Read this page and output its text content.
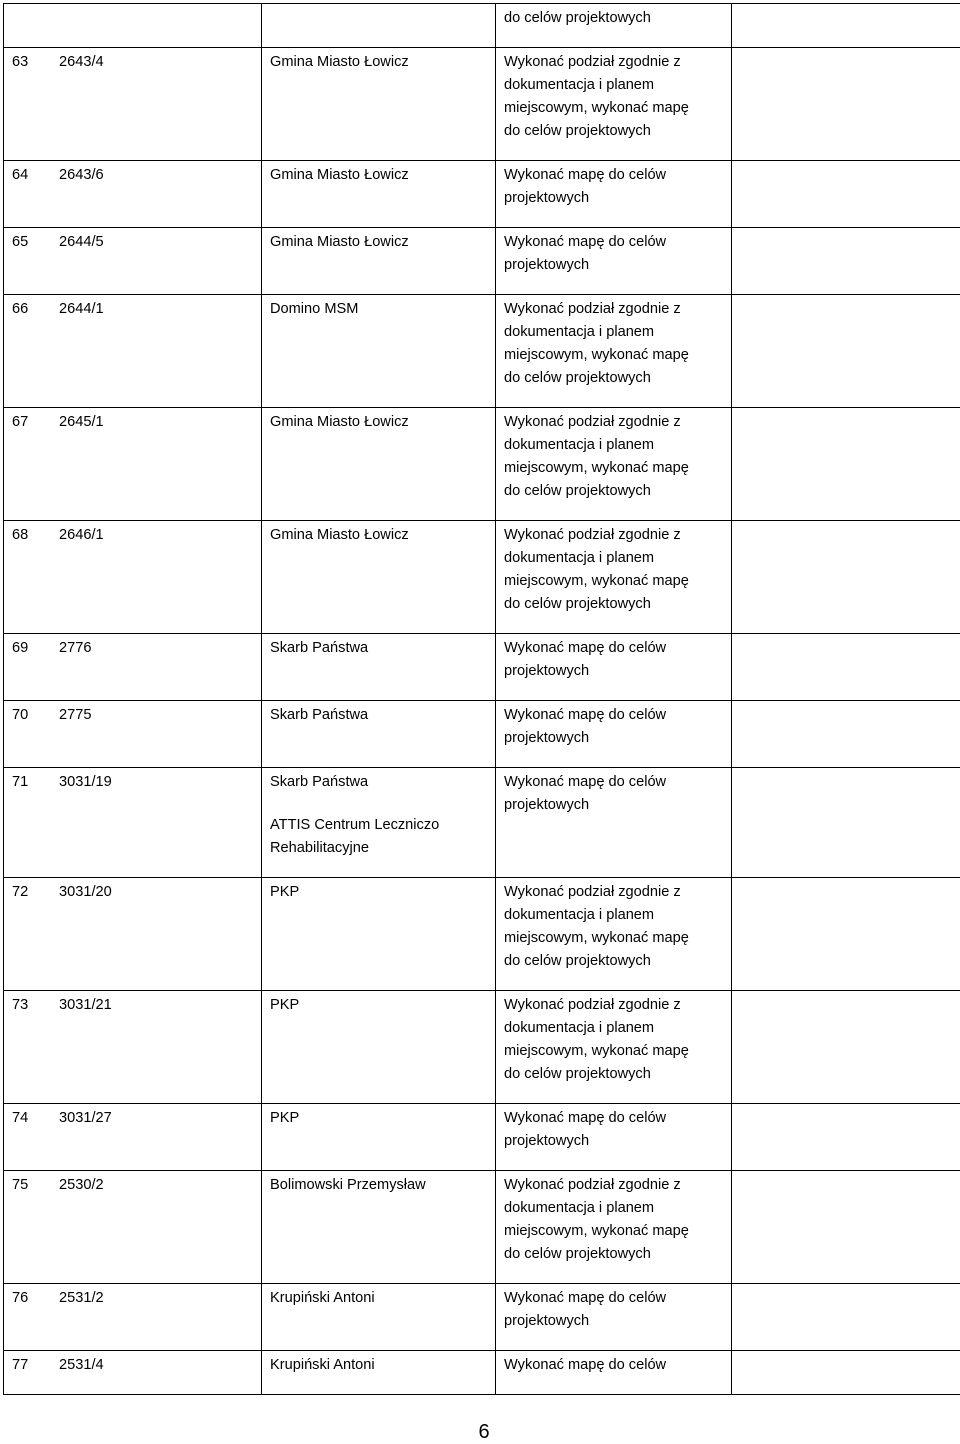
		do celów projektowych	
63 2643/4	Gmina Miasto Łowicz	Wykonać podział zgodnie z
dokumentacja i planem
miejscowym, wykonać mapę
do celów projektowych	
64 2643/6	Gmina Miasto Łowicz	Wykonać mapę do celów
projektowych	
65 2644/5	Gmina Miasto Łowicz	Wykonać mapę do celów
projektowych	
66 2644/1	Domino MSM	Wykonać podział zgodnie z
dokumentacja i planem
miejscowym, wykonać mapę
do celów projektowych	
67 2645/1	Gmina Miasto Łowicz	Wykonać podział zgodnie z
dokumentacja i planem
miejscowym, wykonać mapę
do celów projektowych	
68 2646/1	Gmina Miasto Łowicz	Wykonać podział zgodnie z
dokumentacja i planem
miejscowym, wykonać mapę
do celów projektowych	
69 2776	Skarb Państwa	Wykonać mapę do celów
projektowych	
70 2775	Skarb Państwa	Wykonać mapę do celów
projektowych	
71 3031/19	Skarb Państwa
ATTIS Centrum Leczniczo
Rehabilitacyjne	Wykonać mapę do celów
projektowych	
72 3031/20	PKP	Wykonać podział zgodnie z
dokumentacja i planem
miejscowym, wykonać mapę
do celów projektowych	
73 3031/21	PKP	Wykonać podział zgodnie z
dokumentacja i planem
miejscowym, wykonać mapę
do celów projektowych	
74 3031/27	PKP	Wykonać mapę do celów
projektowych	
75 2530/2	Bolimowski Przemysław	Wykonać podział zgodnie z
dokumentacja i planem
miejscowym, wykonać mapę
do celów projektowych	
76 2531/2	Krupiński Antoni	Wykonać mapę do celów
projektowych	
77 2531/4	Krupiński Antoni	Wykonać mapę do celów	
6
